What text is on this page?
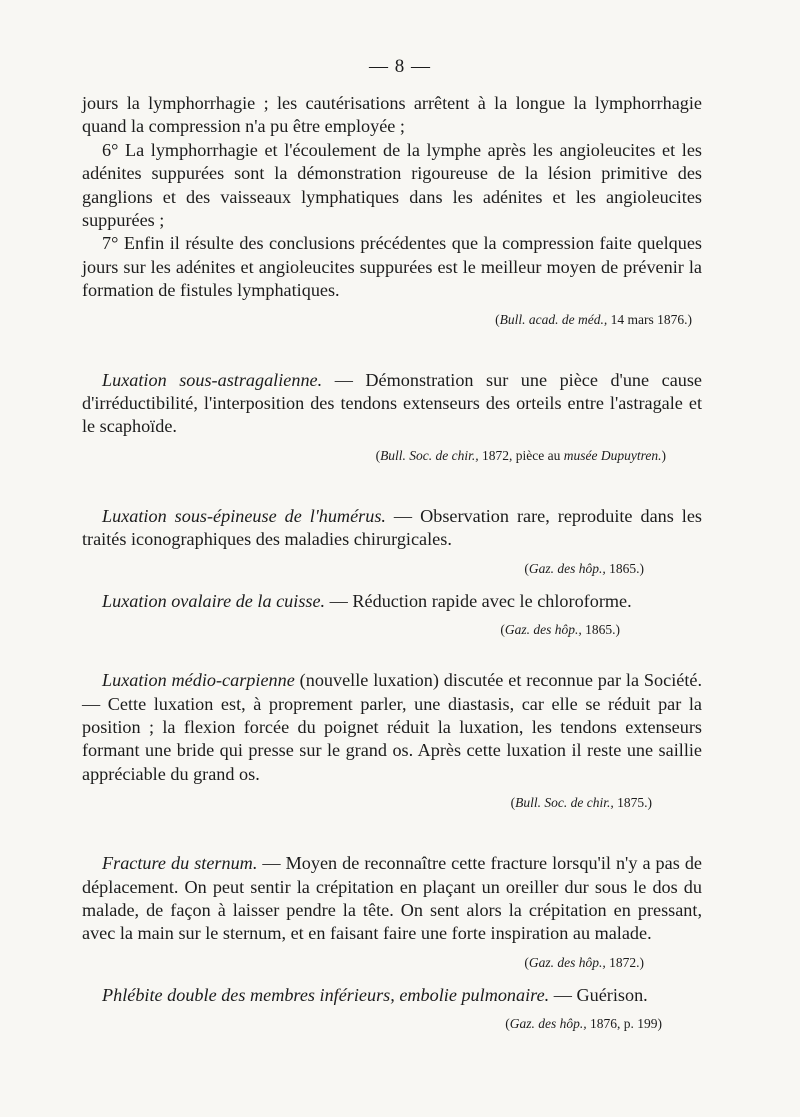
— 8 —

jours la lymphorrhagie ; les cautérisations arrêtent à la longue la lymphorrhagie quand la compression n'a pu être employée ;

6° La lymphorrhagie et l'écoulement de la lymphe après les angioleucites et les adénites suppurées sont la démonstration rigoureuse de la lésion primitive des ganglions et des vaisseaux lymphatiques dans les adénites et les angioleucites suppurées ;

7° Enfin il résulte des conclusions précédentes que la compression faite quelques jours sur les adénites et angioleucites suppurées est le meilleur moyen de prévenir la formation de fistules lymphatiques.

(Bull. acad. de méd., 14 mars 1876.)

Luxation sous-astragalienne. — Démonstration sur une pièce d'une cause d'irréductibilité, l'interposition des tendons extenseurs des orteils entre l'astragale et le scaphoïde.

(Bull. Soc. de chir., 1872, pièce au musée Dupuytren.)

Luxation sous-épineuse de l'humérus. — Observation rare, reproduite dans les traités iconographiques des maladies chirurgicales.

(Gaz. des hôp., 1865.)

Luxation ovalaire de la cuisse. — Réduction rapide avec le chloroforme.

(Gaz. des hôp., 1865.)

Luxation médio-carpienne (nouvelle luxation) discutée et reconnue par la Société. — Cette luxation est, à proprement parler, une diastasis, car elle se réduit par la position ; la flexion forcée du poignet réduit la luxation, les tendons extenseurs formant une bride qui presse sur le grand os. Après cette luxation il reste une saillie appréciable du grand os.

(Bull. Soc. de chir., 1875.)

Fracture du sternum. — Moyen de reconnaître cette fracture lorsqu'il n'y a pas de déplacement. On peut sentir la crépitation en plaçant un oreiller dur sous le dos du malade, de façon à laisser pendre la tête. On sent alors la crépitation en pressant, avec la main sur le sternum, et en faisant faire une forte inspiration au malade.

(Gaz. des hôp., 1872.)

Phlébite double des membres inférieurs, embolie pulmonaire. — Guérison.

(Gaz. des hôp., 1876, p. 199)
